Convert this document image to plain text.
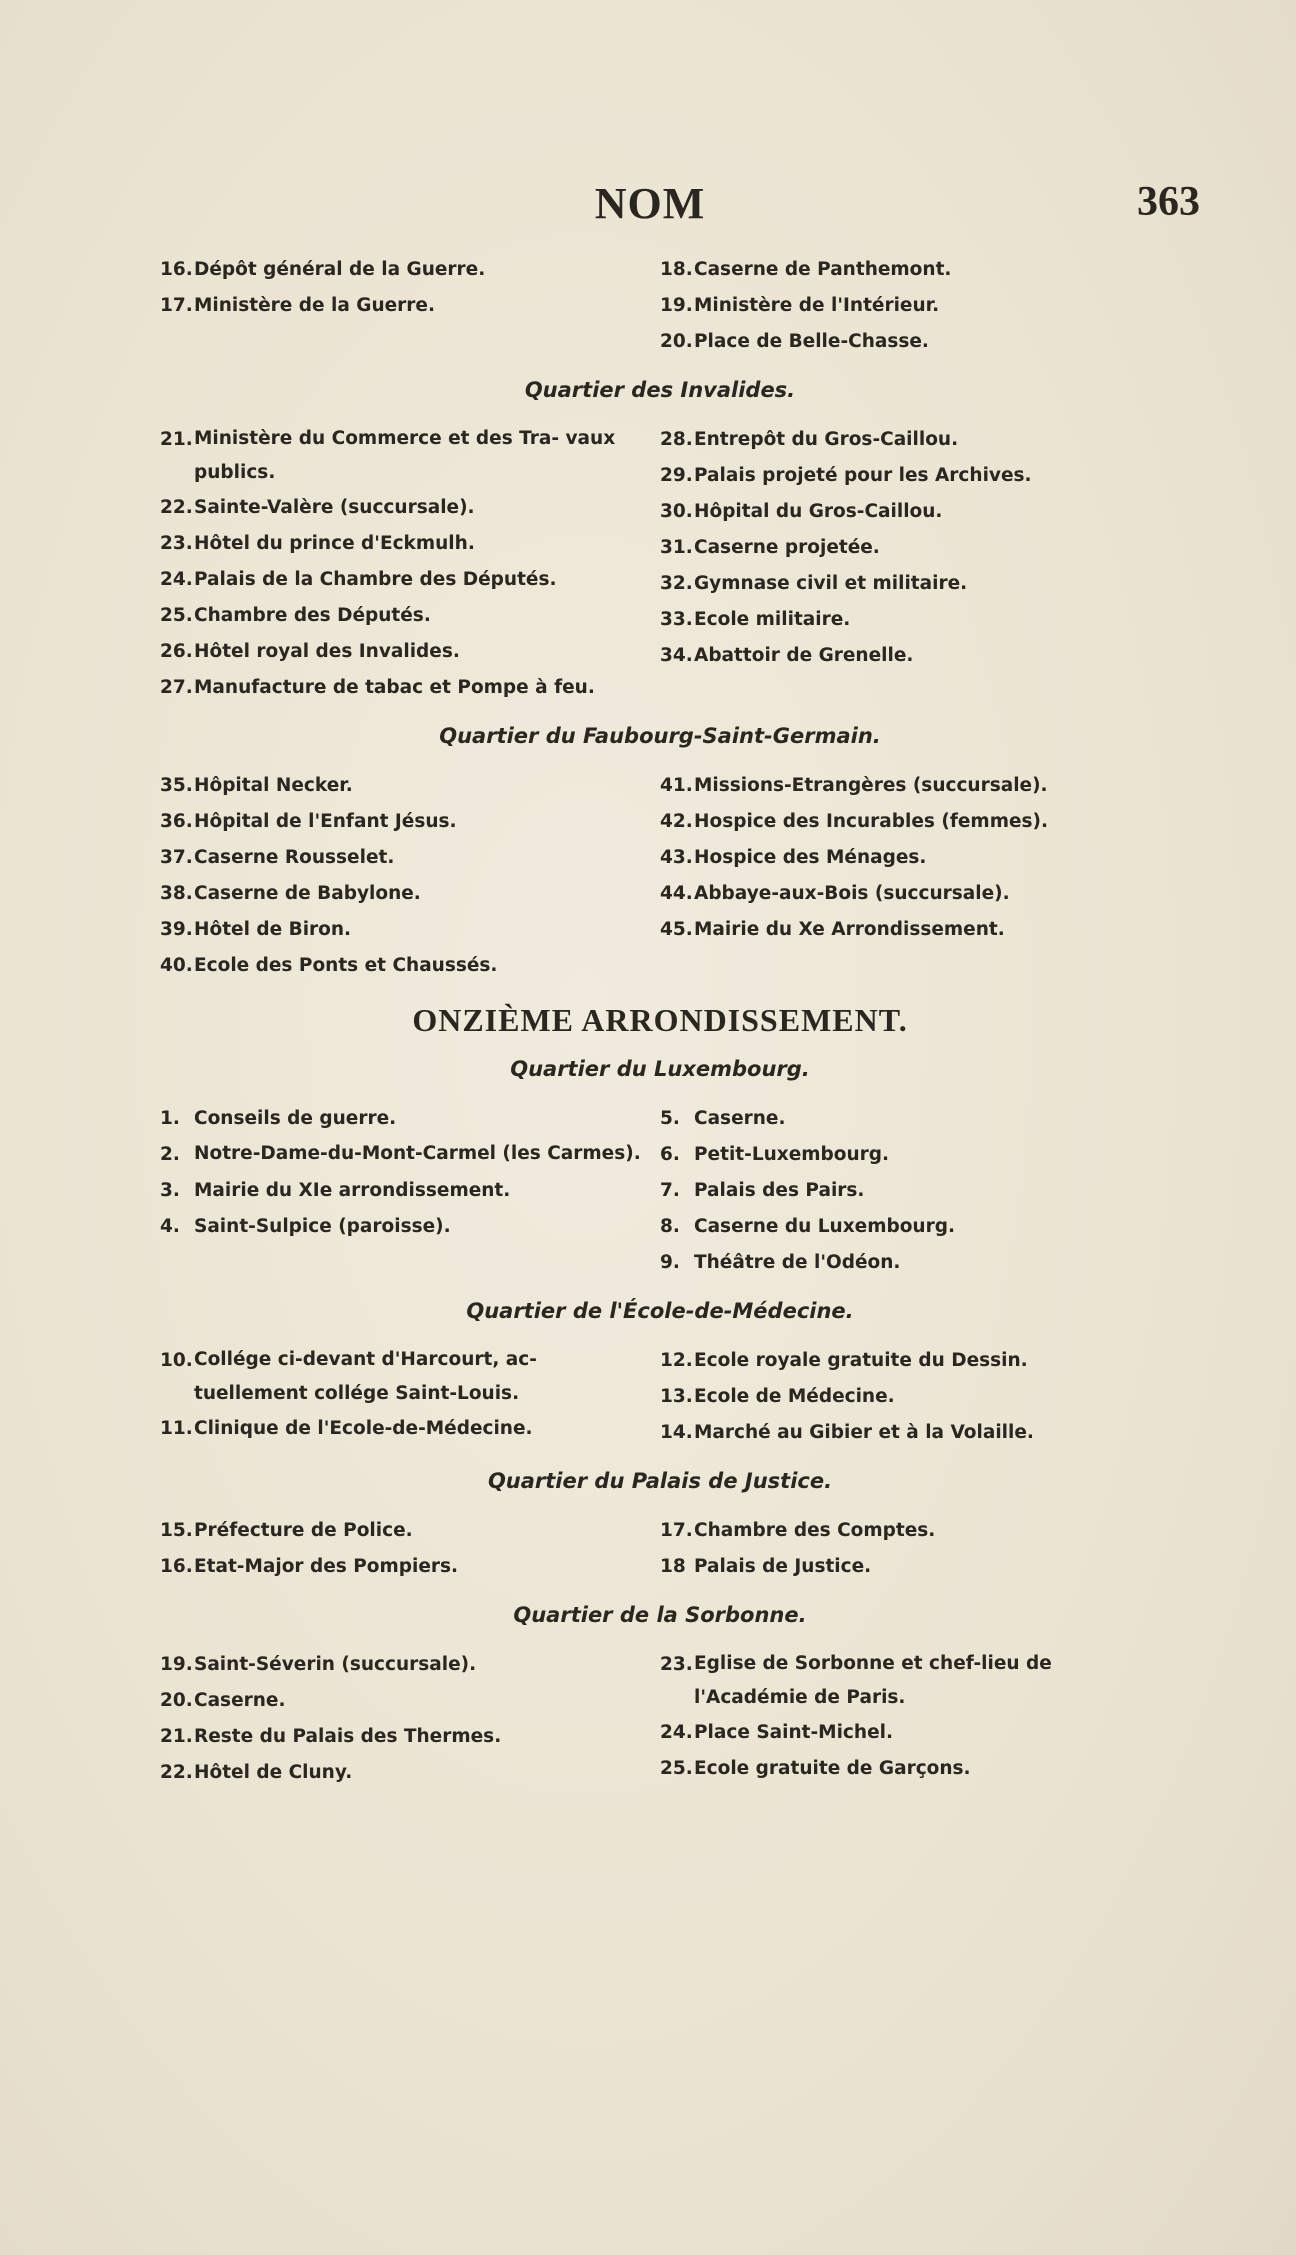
NOM	363
16. Dépôt général de la Guerre.
17. Ministère de la Guerre.
18. Caserne de Panthemont.
19. Ministère de l'Intérieur.
20. Place de Belle-Chasse.
Quartier des Invalides.
21. Ministère du Commerce et des Tra- vaux publics.
22. Sainte-Valère (succursale).
23. Hôtel du prince d'Eckmulh.
24. Palais de la Chambre des Députés.
25. Chambre des Députés.
26. Hôtel royal des Invalides.
27. Manufacture de tabac et Pompe à feu.
28. Entrepôt du Gros-Caillou.
29. Palais projeté pour les Archives.
30. Hôpital du Gros-Caillou.
31. Caserne projetée.
32. Gymnase civil et militaire.
33. Ecole militaire.
34. Abattoir de Grenelle.
Quartier du Faubourg-Saint-Germain.
35. Hôpital Necker.
36. Hôpital de l'Enfant Jésus.
37. Caserne Rousselet.
38. Caserne de Babylone.
39. Hôtel de Biron.
40. Ecole des Ponts et Chaussés.
41. Missions-Etrangères (succursale).
42. Hospice des Incurables (femmes).
43. Hospice des Ménages.
44. Abbaye-aux-Bois (succursale).
45. Mairie du Xe Arrondissement.
ONZIÈME ARRONDISSEMENT.
Quartier du Luxembourg.
1. Conseils de guerre.
2. Notre-Dame-du-Mont-Carmel (les Carmes).
3. Mairie du XIe arrondissement.
4. Saint-Sulpice (paroisse).
5. Caserne.
6. Petit-Luxembourg.
7. Palais des Pairs.
8. Caserne du Luxembourg.
9. Théâtre de l'Odéon.
Quartier de l'École-de-Médecine.
10. Collége ci-devant d'Harcourt, ac- tuellement collége Saint-Louis.
11. Clinique de l'Ecole-de-Médecine.
12. Ecole royale gratuite du Dessin.
13. Ecole de Médecine.
14. Marché au Gibier et à la Volaille.
Quartier du Palais de Justice.
15. Préfecture de Police.
16. Etat-Major des Pompiers.
17. Chambre des Comptes.
18 Palais de Justice.
Quartier de la Sorbonne.
19. Saint-Séverin (succursale).
20. Caserne.
21. Reste du Palais des Thermes.
22. Hôtel de Cluny.
23. Eglise de Sorbonne et chef-lieu de l'Académie de Paris.
24. Place Saint-Michel.
25. Ecole gratuite de Garçons.
